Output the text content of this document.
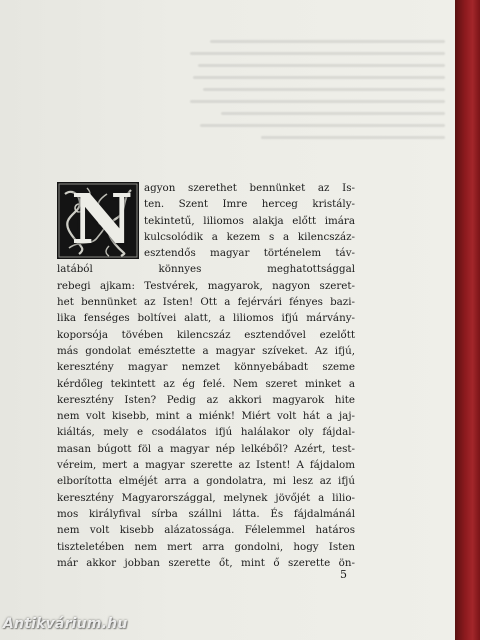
N	agyon szerethet bennünket az Is-
ten. Szent Imre herceg kristály-
tekintetű, liliomos alakja előtt imára
kulcsolódik a kezem s a kilencszáz-
esztendős magyar történelem táv-
latából könnyes meghatottsággal
rebegi ajkam: Testvérek, magyarok, nagyon szeret-
het bennünket az Isten! Ott a fejérvári fényes bazi-
lika fenséges boltívei alatt, a liliomos ifjú márvány-
koporsója tövében kilencszáz esztendővel ezelőtt
más gondolat emésztette a magyar szíveket. Az ifjú,
keresztény magyar nemzet könnyebábadt szeme
kérdőleg tekintett az ég felé. Nem szeret minket a
keresztény Isten? Pedig az akkori magyarok hite
nem volt kisebb, mint a miénk! Miért volt hát a jaj-
kiáltás, mely e csodálatos ifjú halálakor oly fájdal-
masan búgott föl a magyar nép lelkéből? Azért, test-
véreim, mert a magyar szerette az Istent! A fájdalom
elborította elméjét arra a gondolatra, mi lesz az ifjú
keresztény Magyarországgal, melynek jövőjét a lilio-
mos királyfival sírba szállni látta. És fájdalmánál
nem volt kisebb alázatossága. Félelemmel határos
tiszteletében nem mert arra gondolni, hogy Isten
már akkor jobban szerette őt, mint ő szerette ön-
5
Antikvárium.hu
